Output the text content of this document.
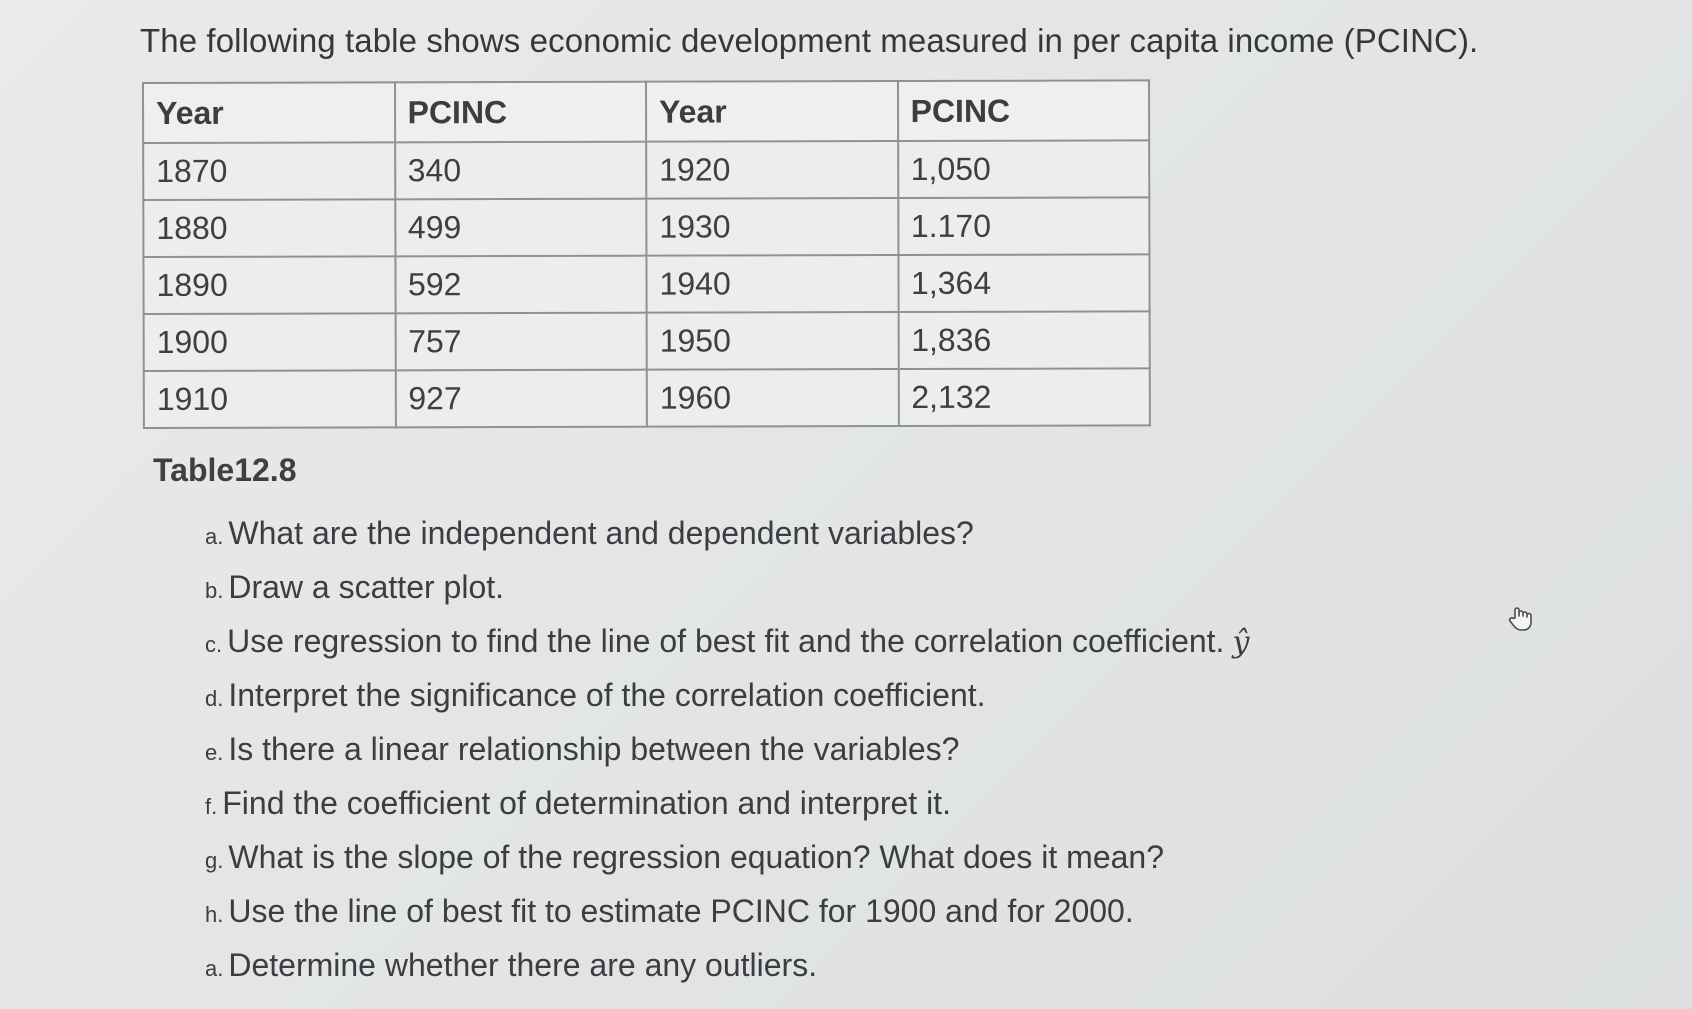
The following table shows economic development measured in per capita income (PCINC).
Year	PCINC	Year	PCINC
1870	340	1920	1,050
1880	499	1930	1.170
1890	592	1940	1,364
1900	757	1950	1,836
1910	927	1960	2,132
Table12.8
a. What are the independent and dependent variables?
b. Draw a scatter plot.
c. Use regression to find the line of best fit and the correlation coefficient. ŷ
d. Interpret the significance of the correlation coefficient.
e. Is there a linear relationship between the variables?
f. Find the coefficient of determination and interpret it.
g. What is the slope of the regression equation? What does it mean?
h. Use the line of best fit to estimate PCINC for 1900 and for 2000.
a. Determine whether there are any outliers.
